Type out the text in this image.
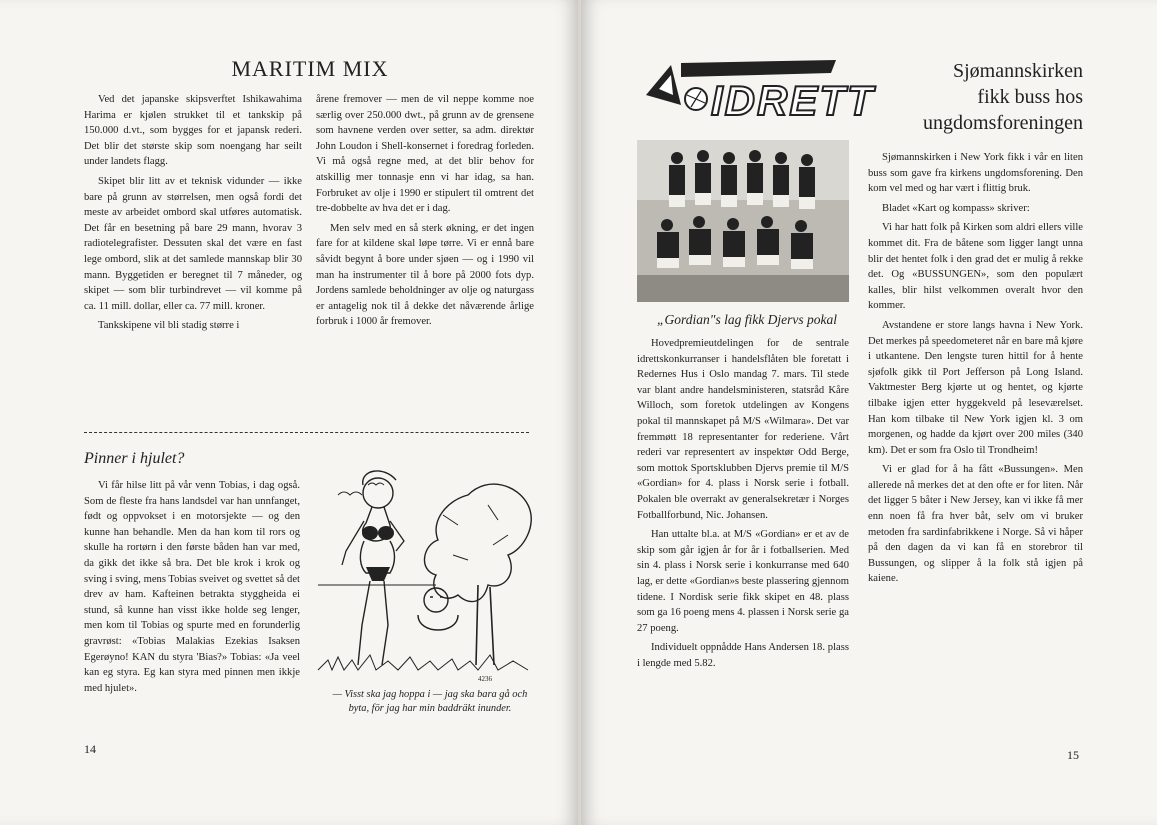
MARITIM MIX

Ved det japanske skipsverftet Ishikawahima Harima er kjølen strukket til et tankskip på 150.000 d.vt., som bygges for et japansk rederi. Det blir det største skip som noengang har seilt under landets flagg.

Skipet blir litt av et teknisk vidunder — ikke bare på grunn av størrelsen, men også fordi det meste av arbeidet ombord skal utføres automatisk. Det får en besetning på bare 29 mann, hvorav 3 radiotelegrafister. Dessuten skal det være en fast lege ombord, slik at det samlede mannskap blir 30 mann. Byggetiden er beregnet til 7 måneder, og skipet — som blir turbindrevet — vil komme på ca. 11 mill. dollar, eller ca. 77 mill. kroner.

Tankskipene vil bli stadig større i

årene fremover — men de vil neppe komme noe særlig over 250.000 dwt., på grunn av de grensene som havnene verden over setter, sa adm. direktør John Loudon i Shell-konsernet i foredrag forleden. Vi må også regne med, at det blir behov for atskillig mer tonnasje enn vi har idag, sa han. Forbruket av olje i 1990 er stipulert til omtrent det tre-dobbelte av hva det er i dag.

Men selv med en så sterk økning, er det ingen fare for at kildene skal løpe tørre. Vi er ennå bare såvidt begynt å bore under sjøen — og i 1990 vil man ha instrumenter til å bore på 2000 fots dyp. Jordens samlede beholdninger av olje og naturgass er antagelig nok til å dekke det nåværende årlige forbruk i 1000 år fremover.

Pinner i hjulet?

Vi får hilse litt på vår venn Tobias, i dag også. Som de fleste fra hans landsdel var han unnfanget, født og oppvokset i en motorsjekte — og den kunne han behandle. Men da han kom til rors og skulle ha rortørn i den første båden han var med, da gikk det ikke så bra. Det ble krok i krok og sving i sving, mens Tobias sveivet og svettet så det drev av ham. Kafteinen betrakta styggheida ei stund, så kunne han visst ikke holde seg lenger, men kom til Tobias og spurte med en forunderlig gravrøst: «Tobias Malakias Ezekias Isaksen Egerøyno! KAN du styra 'Bias?» Tobias: «Ja veel kan eg styra. Eg kan styra med pinnen men ikkje med hjulet».

4236
— Visst ska jag hoppa i — jag ska bara gå och byta, för jag har min baddräkt inunder.
14
IDRETT
„Gordian"s lag fikk Djervs pokal

Hovedpremieutdelingen for de sentrale idrettskonkurranser i handelsflåten ble foretatt i Redernes Hus i Oslo mandag 7. mars. Til stede var blant andre handelsministeren, statsråd Kåre Willoch, som foretok utdelingen av Kongens pokal til mannskapet på M/S «Wilmara». Det var fremmøtt 18 representanter for rederiene. Vårt rederi var representert av inspektør Odd Berge, som mottok Sportsklubben Djervs premie til M/S «Gordian» for 4. plass i Norsk serie i fotball. Pokalen ble overrakt av generalsekretær i Norges Fotballforbund, Nic. Johansen.

Han uttalte bl.a. at M/S «Gordian» er et av de skip som går igjen år for år i fotballserien. Med sin 4. plass i Norsk serie i konkurranse med 640 lag, er dette «Gordian»s beste plassering gjennom tidene. I Nordisk serie fikk skipet en 48. plass som ga 16 poeng mens 4. plassen i Norsk serie ga 27 poeng.

Individuelt oppnådde Hans Andersen 18. plass i lengde med 5.82.

Sjømannskirken
fikk buss hos
ungdomsforeningen

Sjømannskirken i New York fikk i vår en liten buss som gave fra kirkens ungdomsforening. Den kom vel med og har vært i flittig bruk.

Bladet «Kart og kompass» skriver:

Vi har hatt folk på Kirken som aldri ellers ville kommet dit. Fra de båtene som ligger langt unna blir det hentet folk i den grad det er mulig å rekke det. Og «BUSSUNGEN», som den populært kalles, blir hilst velkommen overalt hvor den kommer.

Avstandene er store langs havna i New York. Det merkes på speedometeret når en bare må kjøre i utkantene. Den lengste turen hittil for å hente sjøfolk gikk til Port Jefferson på Long Island. Vaktmester Berg kjørte ut og hentet, og kjørte tilbake igjen etter hyggekveld på leseværelset. Han kom tilbake til New York igjen kl. 3 om morgenen, og hadde da kjørt over 200 miles (340 km). Det er som fra Oslo til Trondheim!

Vi er glad for å ha fått «Bussungen». Men allerede nå merkes det at den ofte er for liten. Når det ligger 5 båter i New Jersey, kan vi ikke få mer enn noen få fra hver båt, selv om vi bruker metoden fra sardinfabrikkene i Norge. Så vi håper på den dagen da vi kan få en storebror til Bussungen, og slipper å la folk stå igjen på kaiene.

15
